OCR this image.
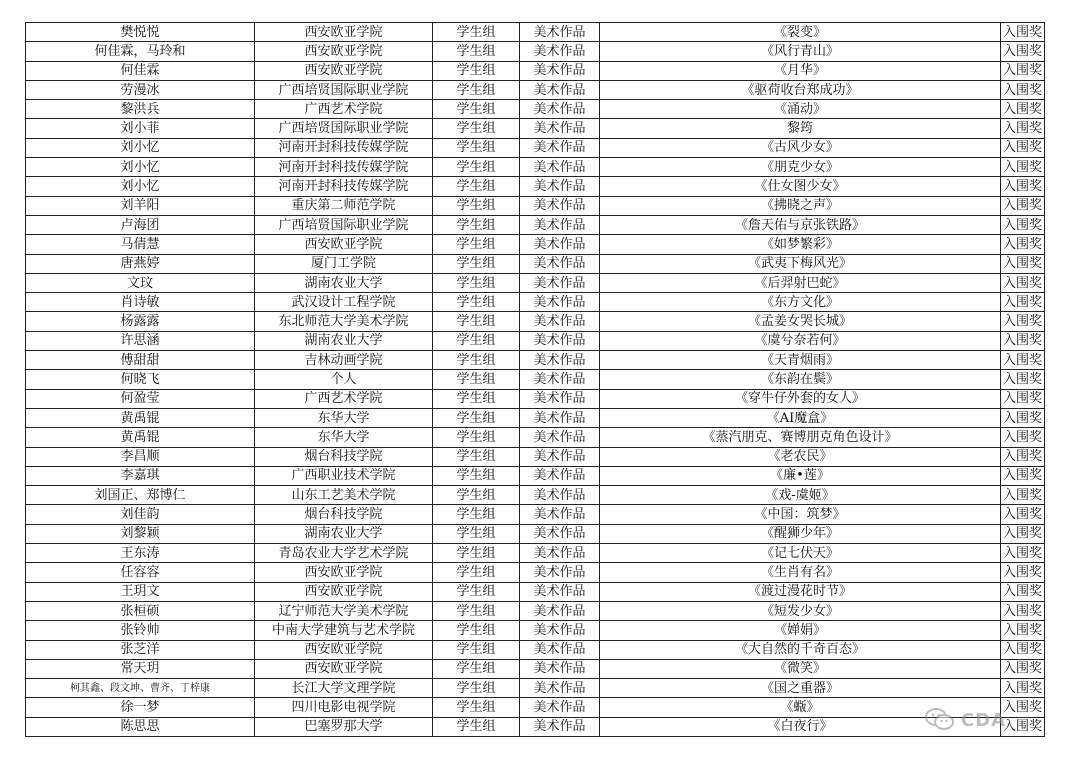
樊悦悦	西安欧亚学院	学生组	美术作品	《裂变》	入围奖
何佳霖，马玲和	西安欧亚学院	学生组	美术作品	《风行青山》	入围奖
何佳霖	西安欧亚学院	学生组	美术作品	《月华》	入围奖
劳漫冰	广西培贤国际职业学院	学生组	美术作品	《驱荷收台郑成功》	入围奖
黎洪兵	广西艺术学院	学生组	美术作品	《涌动》	入围奖
刘小菲	广西培贤国际职业学院	学生组	美术作品	黎筠	入围奖
刘小忆	河南开封科技传媒学院	学生组	美术作品	《古风少女》	入围奖
刘小忆	河南开封科技传媒学院	学生组	美术作品	《朋克少女》	入围奖
刘小忆	河南开封科技传媒学院	学生组	美术作品	《仕女图少女》	入围奖
刘羊阳	重庆第二师范学院	学生组	美术作品	《拂晓之声》	入围奖
卢海团	广西培贤国际职业学院	学生组	美术作品	《詹天佑与京张铁路》	入围奖
马倩慧	西安欧亚学院	学生组	美术作品	《如梦繁彩》	入围奖
唐燕婷	厦门工学院	学生组	美术作品	《武夷下梅风光》	入围奖
文玟	湖南农业大学	学生组	美术作品	《后羿射巴蛇》	入围奖
肖诗敏	武汉设计工程学院	学生组	美术作品	《东方文化》	入围奖
杨露露	东北师范大学美术学院	学生组	美术作品	《孟姜女哭长城》	入围奖
许思涵	湖南农业大学	学生组	美术作品	《虞兮奈若何》	入围奖
傅甜甜	吉林动画学院	学生组	美术作品	《天青烟雨》	入围奖
何晓飞	个人	学生组	美术作品	《东韵在鬓》	入围奖
何盈莹	广西艺术学院	学生组	美术作品	《穿牛仔外套的女人》	入围奖
黄禹锟	东华大学	学生组	美术作品	《AI魔盒》	入围奖
黄禹锟	东华大学	学生组	美术作品	《蒸汽朋克、赛博朋克角色设计》	入围奖
李昌顺	烟台科技学院	学生组	美术作品	《老农民》	入围奖
李嘉琪	广西职业技术学院	学生组	美术作品	《廉•莲》	入围奖
刘国正、郑博仁	山东工艺美术学院	学生组	美术作品	《戏-虞姬》	入围奖
刘佳韵	烟台科技学院	学生组	美术作品	《中国：筑梦》	入围奖
刘黎颖	湖南农业大学	学生组	美术作品	《醒狮少年》	入围奖
王东涛	青岛农业大学艺术学院	学生组	美术作品	《记七伏天》	入围奖
任容容	西安欧亚学院	学生组	美术作品	《生肖有名》	入围奖
王玥文	西安欧亚学院	学生组	美术作品	《渡过漫花时节》	入围奖
张桓硕	辽宁师范大学美术学院	学生组	美术作品	《短发少女》	入围奖
张铃帅	中南大学建筑与艺术学院	学生组	美术作品	《婵娟》	入围奖
张芝洋	西安欧亚学院	学生组	美术作品	《大自然的千奇百态》	入围奖
常天玥	西安欧亚学院	学生组	美术作品	《微笑》	入围奖
柯其鑫、段文坤、曹齐、丁梓康	长江大学文理学院	学生组	美术作品	《国之重器》	入围奖
徐一梦	四川电影电视学院	学生组	美术作品	《蝂》	入围奖
陈思思	巴塞罗那大学	学生组	美术作品	《白夜行》	入围奖
CDA
